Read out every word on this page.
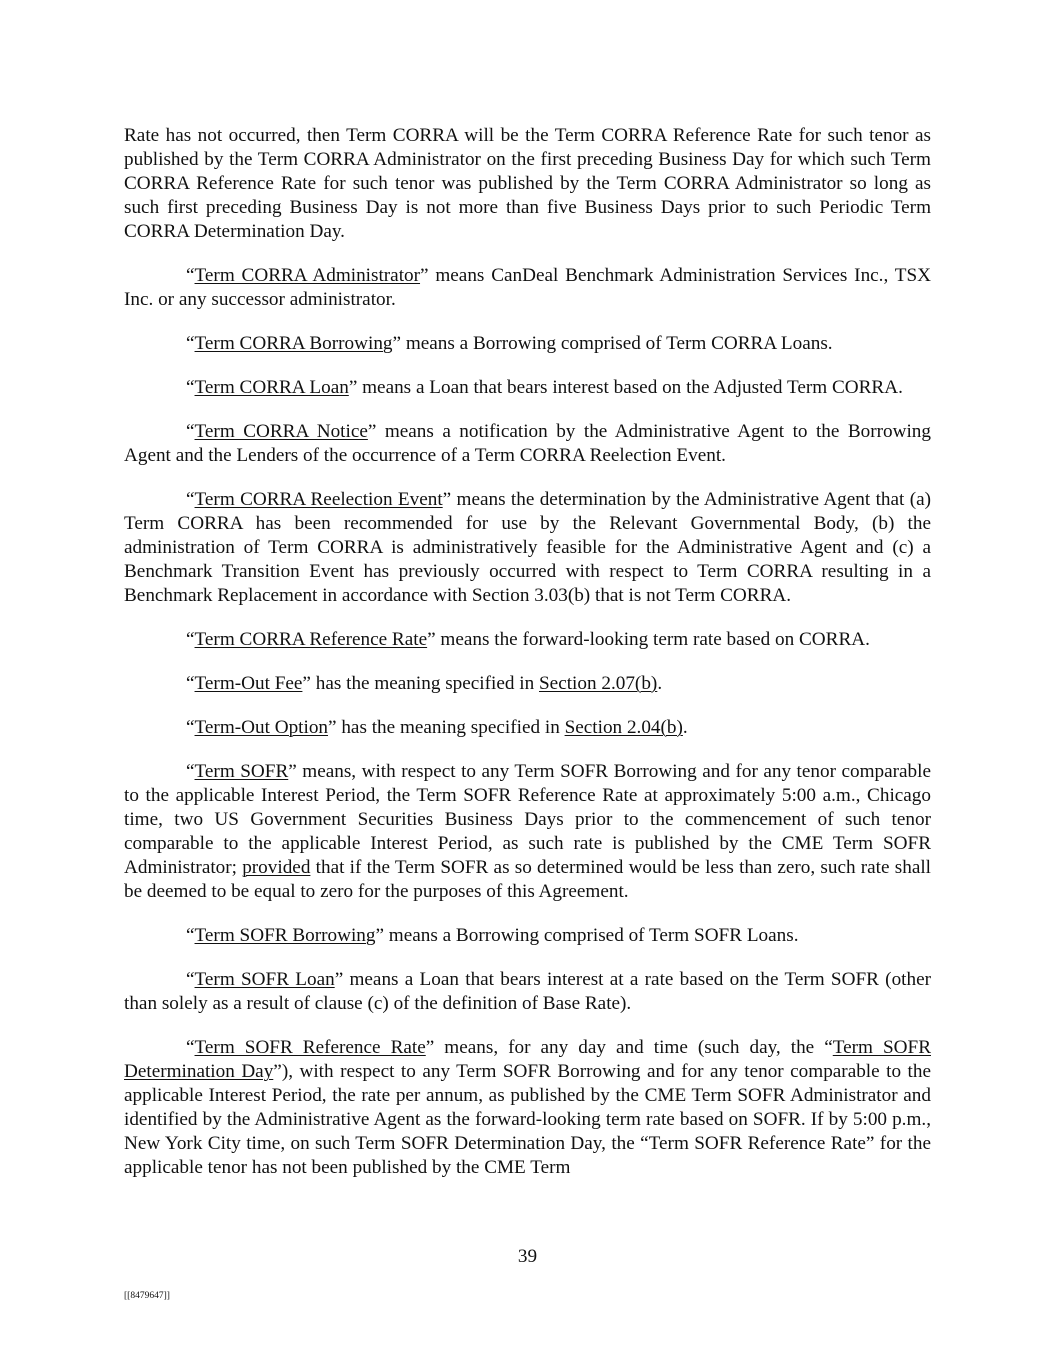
Rate has not occurred, then Term CORRA will be the Term CORRA Reference Rate for such tenor as published by the Term CORRA Administrator on the first preceding Business Day for which such Term CORRA Reference Rate for such tenor was published by the Term CORRA Administrator so long as such first preceding Business Day is not more than five Business Days prior to such Periodic Term CORRA Determination Day.

“Term CORRA Administrator” means CanDeal Benchmark Administration Services Inc., TSX Inc. or any successor administrator.

“Term CORRA Borrowing” means a Borrowing comprised of Term CORRA Loans.

“Term CORRA Loan” means a Loan that bears interest based on the Adjusted Term CORRA.

“Term CORRA Notice” means a notification by the Administrative Agent to the Borrowing Agent and the Lenders of the occurrence of a Term CORRA Reelection Event.

“Term CORRA Reelection Event” means the determination by the Administrative Agent that (a) Term CORRA has been recommended for use by the Relevant Governmental Body, (b) the administration of Term CORRA is administratively feasible for the Administrative Agent and (c) a Benchmark Transition Event has previously occurred with respect to Term CORRA resulting in a Benchmark Replacement in accordance with Section 3.03(b) that is not Term CORRA.

“Term CORRA Reference Rate” means the forward-looking term rate based on CORRA.

“Term-Out Fee” has the meaning specified in Section 2.07(b).

“Term-Out Option” has the meaning specified in Section 2.04(b).

“Term SOFR” means, with respect to any Term SOFR Borrowing and for any tenor comparable to the applicable Interest Period, the Term SOFR Reference Rate at approximately 5:00 a.m., Chicago time, two US Government Securities Business Days prior to the commencement of such tenor comparable to the applicable Interest Period, as such rate is published by the CME Term SOFR Administrator; provided that if the Term SOFR as so determined would be less than zero, such rate shall be deemed to be equal to zero for the purposes of this Agreement.

“Term SOFR Borrowing” means a Borrowing comprised of Term SOFR Loans.

“Term SOFR Loan” means a Loan that bears interest at a rate based on the Term SOFR (other than solely as a result of clause (c) of the definition of Base Rate).

“Term SOFR Reference Rate” means, for any day and time (such day, the “Term SOFR Determination Day”), with respect to any Term SOFR Borrowing and for any tenor comparable to the applicable Interest Period, the rate per annum, as published by the CME Term SOFR Administrator and identified by the Administrative Agent as the forward-looking term rate based on SOFR. If by 5:00 p.m., New York City time, on such Term SOFR Determination Day, the “Term SOFR Reference Rate” for the applicable tenor has not been published by the CME Term

39
[[8479647]]
